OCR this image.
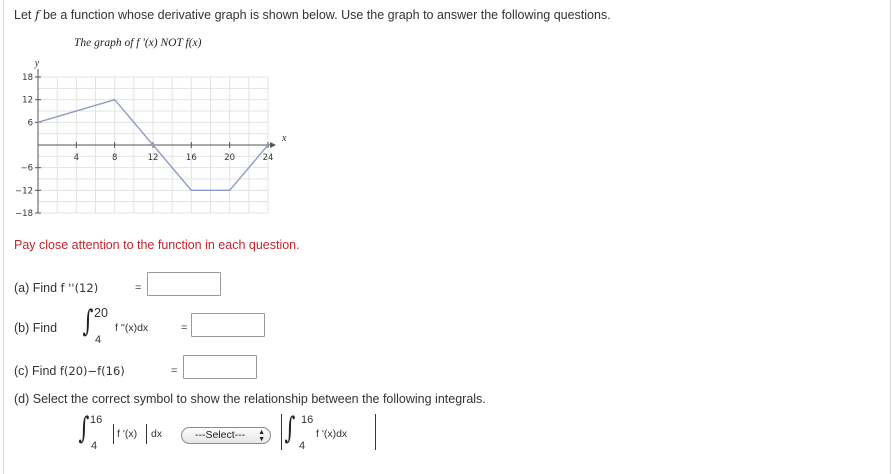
Let f be a function whose derivative graph is shown below. Use the graph to answer the following questions.
The graph of f '(x) NOT f(x)
y
x
4	8	12	16	20	24
18
12
6
−6
−12
−18
Pay close attention to the function in each question.
(a) Find f ''(12)	=
(b) Find ∫ 20
4
f ''(x)dx	=
(c) Find f(20)−f(16)	=
(d) Select the correct symbol to show the relationship between the following integrals.
∫ 16
4
f '(x) dx	---Select--- ▲
▼ ∫ 16
4
f '(x)dx
